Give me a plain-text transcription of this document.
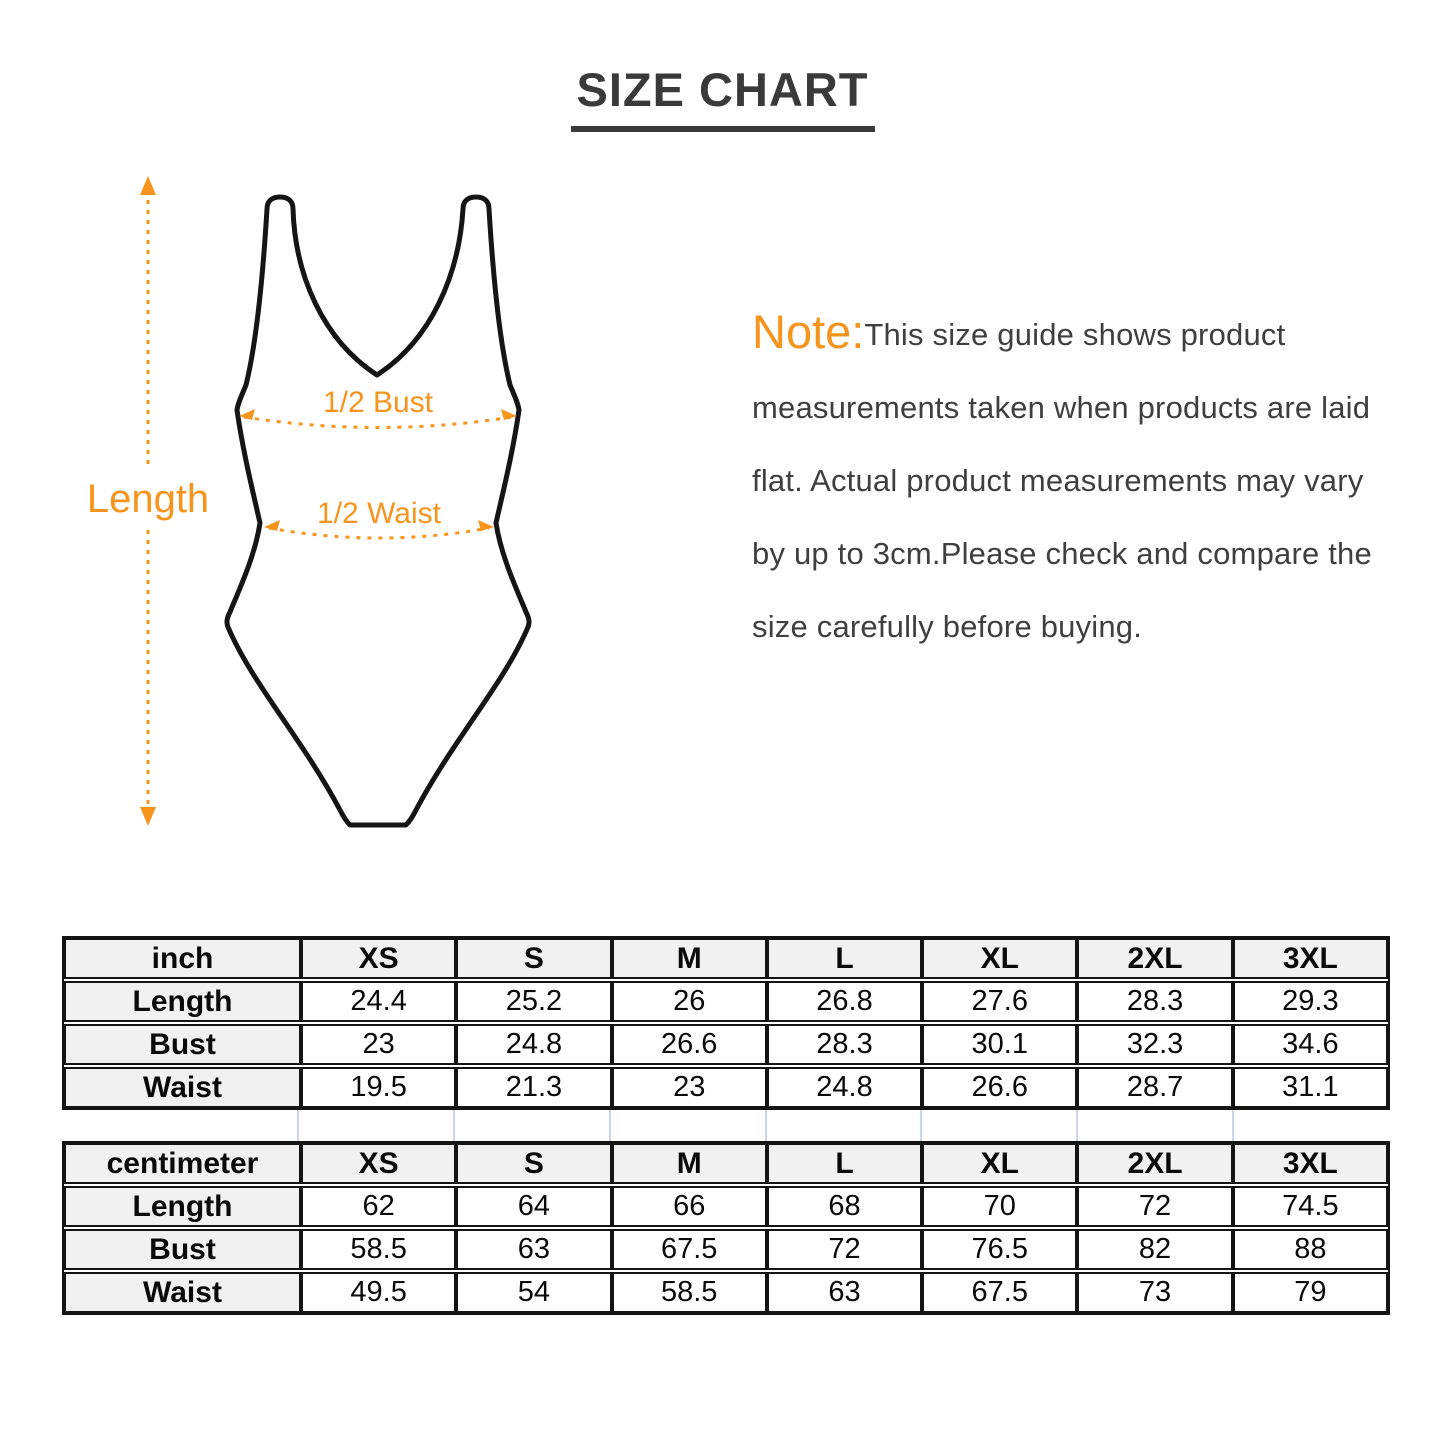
SIZE CHART
Length
1/2 Bust
1/2 Waist
Note:This size guide shows product measurements taken when products are laid flat. Actual product measurements may vary by up to 3cm.Please check and compare the size carefully before buying.
inch	XS	S	M	L	XL	2XL	3XL
Length	24.4	25.2	26	26.8	27.6	28.3	29.3
Bust	23	24.8	26.6	28.3	30.1	32.3	34.6
Waist	19.5	21.3	23	24.8	26.6	28.7	31.1
centimeter	XS	S	M	L	XL	2XL	3XL
Length	62	64	66	68	70	72	74.5
Bust	58.5	63	67.5	72	76.5	82	88
Waist	49.5	54	58.5	63	67.5	73	79
